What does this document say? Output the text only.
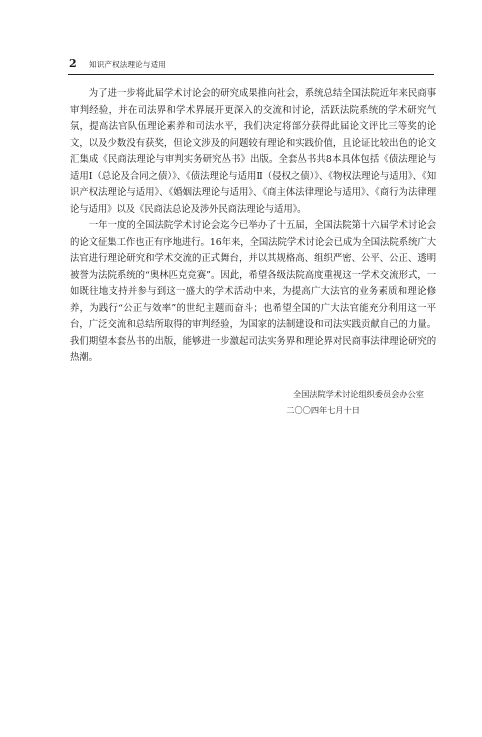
2 知识产权法理论与适用

为了进一步将此届学术讨论会的研究成果推向社会，系统总结全国法院近年来民商事审判经验，并在司法界和学术界展开更深入的交流和讨论，活跃法院系统的学术研究气氛，提高法官队伍理论素养和司法水平，我们决定将部分获得此届论文评比三等奖的论文，以及少数没有获奖，但论文涉及的问题较有理论和实践价值，且论证比较出色的论文汇集成《民商法理论与审判实务研究丛书》出版。全套丛书共8本具体包括《债法理论与适用Ⅰ（总论及合同之债）》、《债法理论与适用Ⅱ（侵权之债）》、《物权法理论与适用》、《知识产权法理论与适用》、《婚姻法理论与适用》、《商主体法律理论与适用》、《商行为法律理论与适用》以及《民商法总论及涉外民商法理论与适用》。

一年一度的全国法院学术讨论会迄今已举办了十五届，全国法院第十六届学术讨论会的论文征集工作也正有序地进行。16年来，全国法院学术讨论会已成为全国法院系统广大法官进行理论研究和学术交流的正式舞台，并以其规格高、组织严密、公平、公正、透明被誉为法院系统的“奥林匹克竞赛”。因此，希望各级法院高度重视这一学术交流形式，一如既往地支持并参与到这一盛大的学术活动中来，为提高广大法官的业务素质和理论修养，为践行“公正与效率”的世纪主题而奋斗；也希望全国的广大法官能充分利用这一平台，广泛交流和总结所取得的审判经验，为国家的法制建设和司法实践贡献自己的力量。我们期望本套丛书的出版，能够进一步激起司法实务界和理论界对民商事法律理论研究的热潮。

全国法院学术讨论组织委员会办公室
二〇〇四年七月十日
